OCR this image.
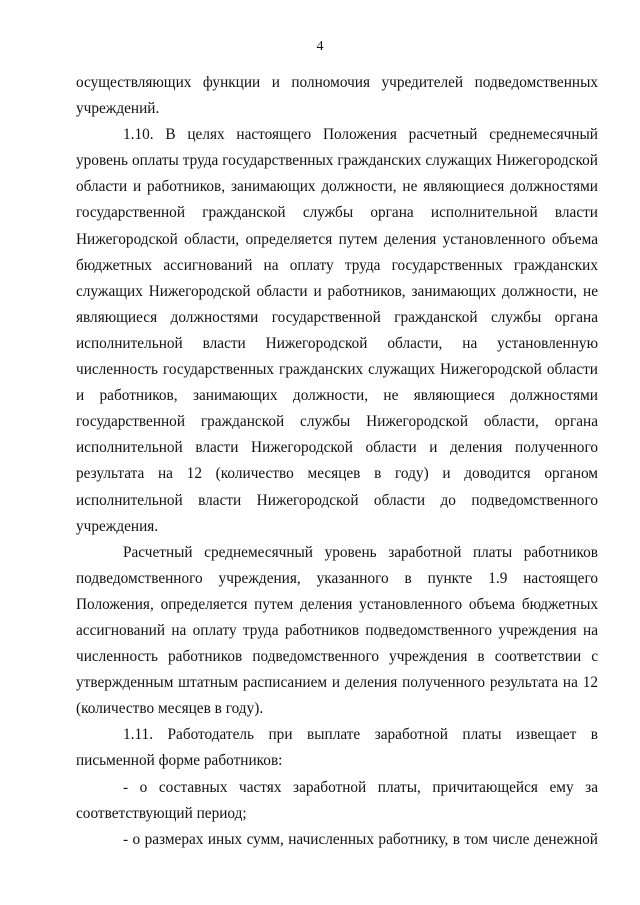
4

осуществляющих функции и полномочия учредителей подведомственных учреждений.

1.10. В целях настоящего Положения расчетный среднемесячный уровень оплаты труда государственных гражданских служащих Нижегородской области и работников, занимающих должности, не являющиеся должностями государственной гражданской службы органа исполнительной власти Нижегородской области, определяется путем деления установленного объема бюджетных ассигнований на оплату труда государственных гражданских служащих Нижегородской области и работников, занимающих должности, не являющиеся должностями государственной гражданской службы органа исполнительной власти Нижегородской области, на установленную численность государственных гражданских служащих Нижегородской области и работников, занимающих должности, не являющиеся должностями государственной гражданской службы Нижегородской области, органа исполнительной власти Нижегородской области и деления полученного результата на 12 (количество месяцев в году) и доводится органом исполнительной власти Нижегородской области до подведомственного учреждения.

Расчетный среднемесячный уровень заработной платы работников подведомственного учреждения, указанного в пункте 1.9 настоящего Положения, определяется путем деления установленного объема бюджетных ассигнований на оплату труда работников подведомственного учреждения на численность работников подведомственного учреждения в соответствии с утвержденным штатным расписанием и деления полученного результата на 12 (количество месяцев в году).

1.11. Работодатель при выплате заработной платы извещает в письменной форме работников:

- о составных частях заработной платы, причитающейся ему за соответствующий период;

- о размерах иных сумм, начисленных работнику, в том числе денежной
